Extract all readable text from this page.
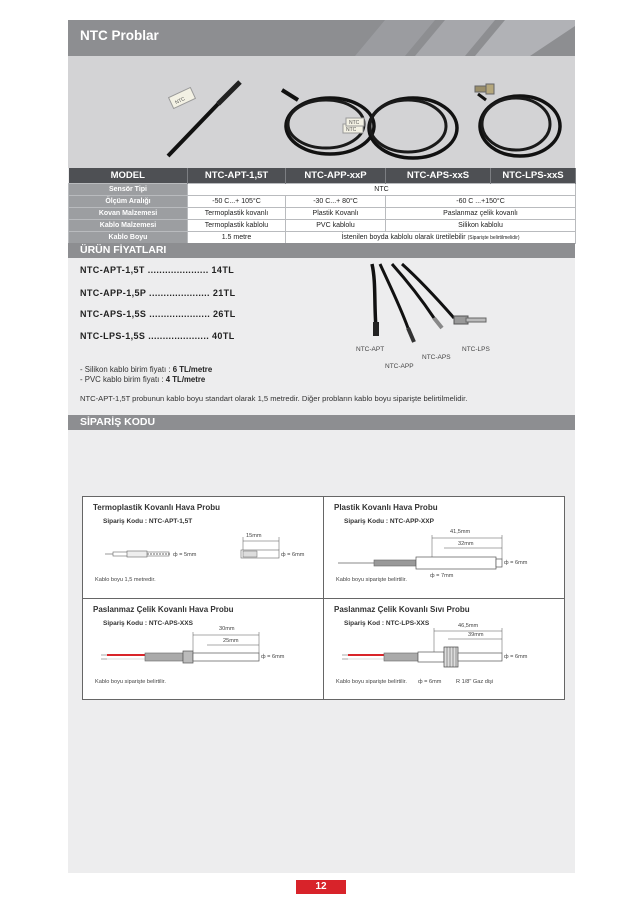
NTC Problar
NTC
NTC
NTC
MODEL	NTC-APT-1,5T	NTC-APP-xxP	NTC-APS-xxS	NTC-LPS-xxS
Sensör Tipi	NTC			
Ölçüm Aralığı	-50 C...+ 105°C	-30 C...+ 80°C	-60 C ...+150°C	
Kovan Malzemesi	Termoplastik kovanlı	Plastik Kovanlı	Paslanmaz çelik kovanlı	
Kablo Malzemesi	Termoplastik kablolu	PVC kablolu	Silikon kablolu	
Kablo Boyu	1.5 metre	İstenilen boyda kablolu olarak üretilebilir (Siparişte belirtilmelidir)		
ÜRÜN FİYATLARI
NTC-APT-1,5T ..................... 14TL
NTC-APP-1,5P ..................... 21TL
NTC-APS-1,5S ..................... 26TL
NTC-LPS-1,5S ..................... 40TL
- Silikon kablo birim fiyatı : 6 TL/metre
- PVC kablo birim fiyatı : 4 TL/metre
NTC-APT-1,5T probunun kablo boyu standart olarak 1,5 metredir. Diğer probların kablo boyu siparişte belirtilmelidir.
NTC-APT
NTC-APP
NTC-APS
NTC-LPS
SİPARİŞ KODU
Termoplastik Kovanlı Hava Probu
Sipariş Kodu : NTC-APT-1,5T
15mm
ф = 5mm	ф = 6mm
Kablo boyu 1,5 metredir.
Plastik Kovanlı Hava Probu
Sipariş Kodu : NTC-APP-XXP
41,5mm
32mm
ф = 6mm
ф = 7mm
Kablo boyu siparişte belirtilir.
Paslanmaz Çelik Kovanlı Hava Probu
Sipariş Kodu : NTC-APS-XXS
30mm
25mm
ф = 6mm
Kablo boyu siparişte belirtilir.
Paslanmaz Çelik Kovanlı Sıvı Probu
Sipariş Kod : NTC-LPS-XXS	46,5mm
39mm
ф = 6mm
ф = 6mm	R 1/8" Gaz dişi
Kablo boyu siparişte belirtilir.
12
